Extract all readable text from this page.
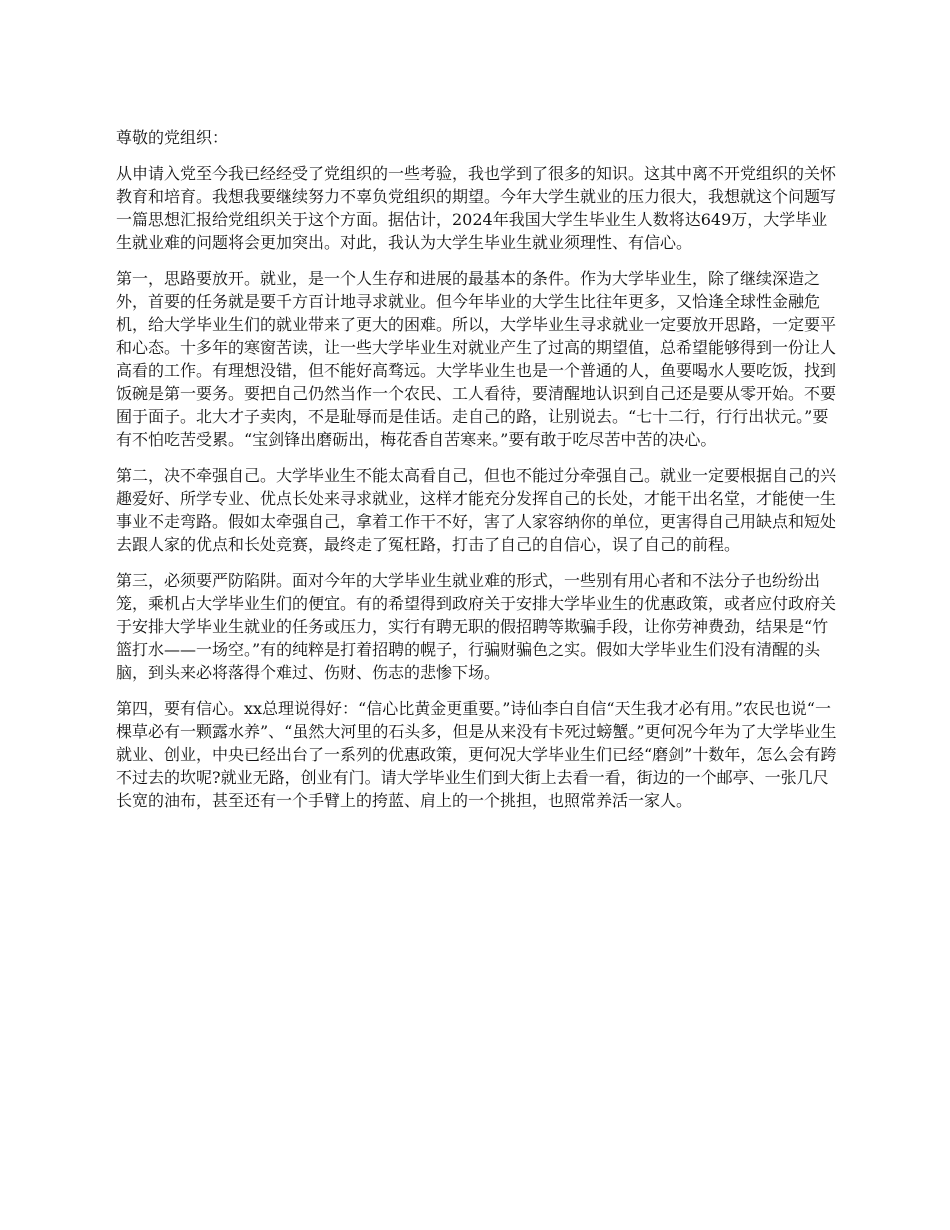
尊敬的党组织：

从申请入党至今我已经经受了党组织的一些考验，我也学到了很多的知识。这其中离不开党组织的关怀教育和培育。我想我要继续努力不辜负党组织的期望。今年大学生就业的压力很大，我想就这个问题写一篇思想汇报给党组织关于这个方面。据估计，2024年我国大学生毕业生人数将达649万，大学毕业生就业难的问题将会更加突出。对此，我认为大学生毕业生就业须理性、有信心。

第一，思路要放开。就业，是一个人生存和进展的最基本的条件。作为大学毕业生，除了继续深造之外，首要的任务就是要千方百计地寻求就业。但今年毕业的大学生比往年更多，又恰逢全球性金融危机，给大学毕业生们的就业带来了更大的困难。所以，大学毕业生寻求就业一定要放开思路，一定要平和心态。十多年的寒窗苦读，让一些大学毕业生对就业产生了过高的期望值，总希望能够得到一份让人高看的工作。有理想没错，但不能好高骛远。大学毕业生也是一个普通的人，鱼要喝水人要吃饭，找到饭碗是第一要务。要把自己仍然当作一个农民、工人看待，要清醒地认识到自己还是要从零开始。不要囿于面子。北大才子卖肉，不是耻辱而是佳话。走自己的路，让别说去。“七十二行，行行出状元。”要有不怕吃苦受累。“宝剑锋出磨砺出，梅花香自苦寒来。”要有敢于吃尽苦中苦的决心。

第二，决不牵强自己。大学毕业生不能太高看自己，但也不能过分牵强自己。就业一定要根据自己的兴趣爱好、所学专业、优点长处来寻求就业，这样才能充分发挥自己的长处，才能干出名堂，才能使一生事业不走弯路。假如太牵强自己，拿着工作干不好，害了人家容纳你的单位，更害得自己用缺点和短处去跟人家的优点和长处竞赛，最终走了冤枉路，打击了自己的自信心，误了自己的前程。

第三，必须要严防陷阱。面对今年的大学毕业生就业难的形式，一些别有用心者和不法分子也纷纷出笼，乘机占大学毕业生们的便宜。有的希望得到政府关于安排大学毕业生的优惠政策，或者应付政府关于安排大学毕业生就业的任务或压力，实行有聘无职的假招聘等欺骗手段，让你劳神费劲，结果是“竹篮打水——一场空。”有的纯粹是打着招聘的幌子，行骗财骗色之实。假如大学毕业生们没有清醒的头脑，到头来必将落得个难过、伤财、伤志的悲惨下场。

第四，要有信心。xx总理说得好：“信心比黄金更重要。”诗仙李白自信“天生我才必有用。”农民也说“一棵草必有一颗露水养”、“虽然大河里的石头多，但是从来没有卡死过螃蟹。”更何况今年为了大学毕业生就业、创业，中央已经出台了一系列的优惠政策，更何况大学毕业生们已经“磨剑”十数年，怎么会有跨不过去的坎呢?就业无路，创业有门。请大学毕业生们到大街上去看一看，街边的一个邮亭、一张几尺长宽的油布，甚至还有一个手臂上的挎蓝、肩上的一个挑担，也照常养活一家人。
